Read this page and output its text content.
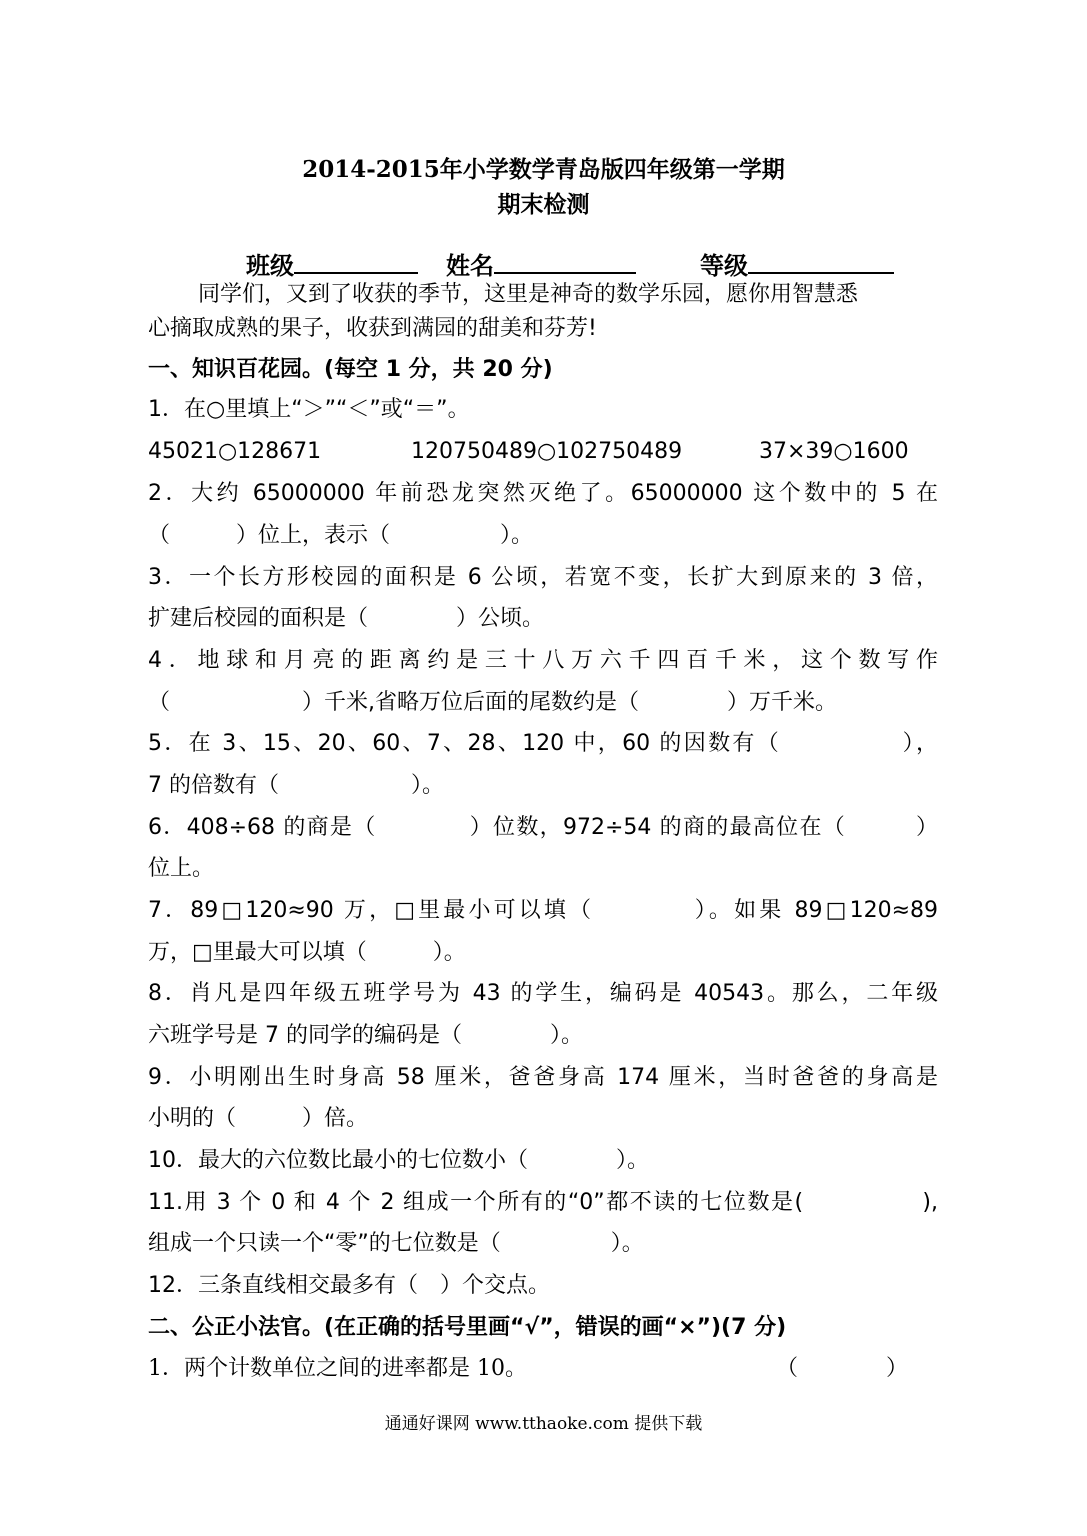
2014-2015年小学数学青岛版四年级第一学期
期末检测
班级	姓名	等级
同学们，又到了收获的季节，这里是神奇的数学乐园，愿你用智慧悉
心摘取成熟的果子，收获到满园的甜美和芬芳!
一、知识百花园。(每空 1 分，共 20 分)
1．在○里填上“＞”“＜”或“＝”。
45021○128671	120750489○102750489	37×39○1600
2．大约 65000000 年前恐龙突然灭绝了。65000000 这个数中的 5 在
（　　　）位上，表示（　　　　　）。
3．一个长方形校园的面积是 6 公顷，若宽不变，长扩大到原来的 3 倍，
扩建后校园的面积是（　　　　）公顷。
4．地球和月亮的距离约是三十八万六千四百千米，这个数写作
（　　　　　　）千米,省略万位后面的尾数约是（　　　　）万千米。
5．在 3、15、20、60、7、28、120 中，60 的因数有（　　　　　），
7 的倍数有（　　　　　　）。
6．408÷68 的商是（　　　　）位数，972÷54 的商的最高位在（　　　）
位上。
7．89□120≈90 万，□里最小可以填（　　　　）。如果 89□120≈89
万，□里最大可以填（　　　）。
8．肖凡是四年级五班学号为 43 的学生，编码是 40543。那么，二年级
六班学号是 7 的同学的编码是（　　　　）。
9．小明刚出生时身高 58 厘米，爸爸身高 174 厘米，当时爸爸的身高是
小明的（　　　）倍。
10．最大的六位数比最小的七位数小（　　　　）。
11.用 3 个 0 和 4 个 2 组成一个所有的“0”都不读的七位数是(　　　　　),
组成一个只读一个“零”的七位数是（　　　　　）。
12．三条直线相交最多有（　）个交点。
二、公正小法官。(在正确的括号里画“√”，错误的画“×”)(7 分)
1．两个计数单位之间的进率都是 10。	（　　　　）
通通好课网 www.tthaoke.com 提供下载
